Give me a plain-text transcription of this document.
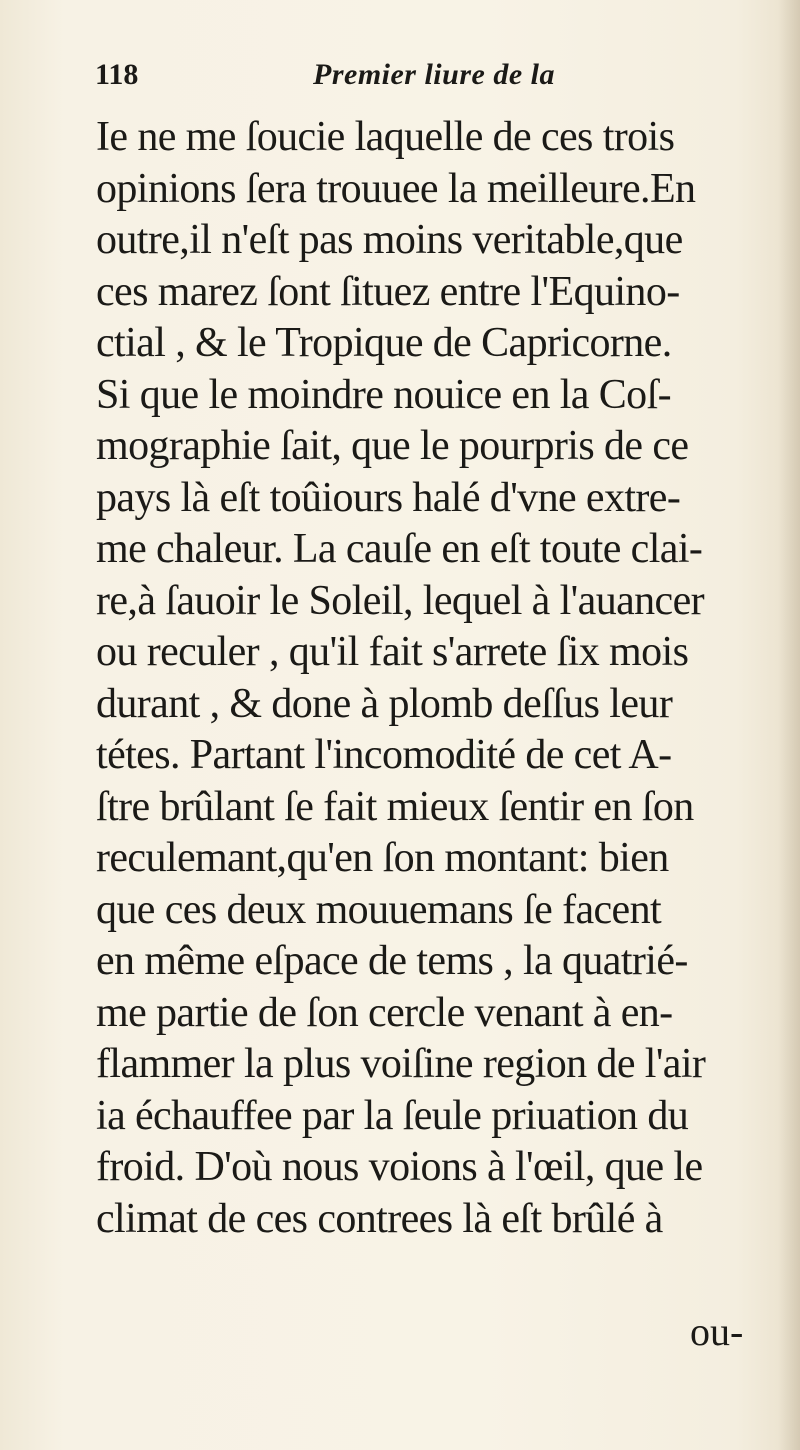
118	Premier liure de la
Ie ne me ſoucie laquelle de ces trois
opinions ſera trouuee la meilleure.En
outre,il n'eſt pas moins veritable,que
ces marez ſont ſituez entre l'Equino-
ctial , & le Tropique de Capricorne.
Si que le moindre nouice en la Coſ-
mographie ſait, que le pourpris de ce
pays là eſt toûiours halé d'vne extre-
me chaleur. La cauſe en eſt toute clai-
re,à ſauoir le Soleil, lequel à l'auancer
ou reculer , qu'il fait s'arrete ſix mois
durant , & done à plomb deſſus leur
tétes. Partant l'incomodité de cet A-
ſtre brûlant ſe fait mieux ſentir en ſon
reculemant,qu'en ſon montant: bien
que ces deux mouuemans ſe facent
en même eſpace de tems , la quatrié-
me partie de ſon cercle venant à en-
flammer la plus voiſine region de l'air
ia échauffee par la ſeule priuation du
froid. D'où nous voions à l'œil, que le
climat de ces contrees là eſt brûlé à
ou-
